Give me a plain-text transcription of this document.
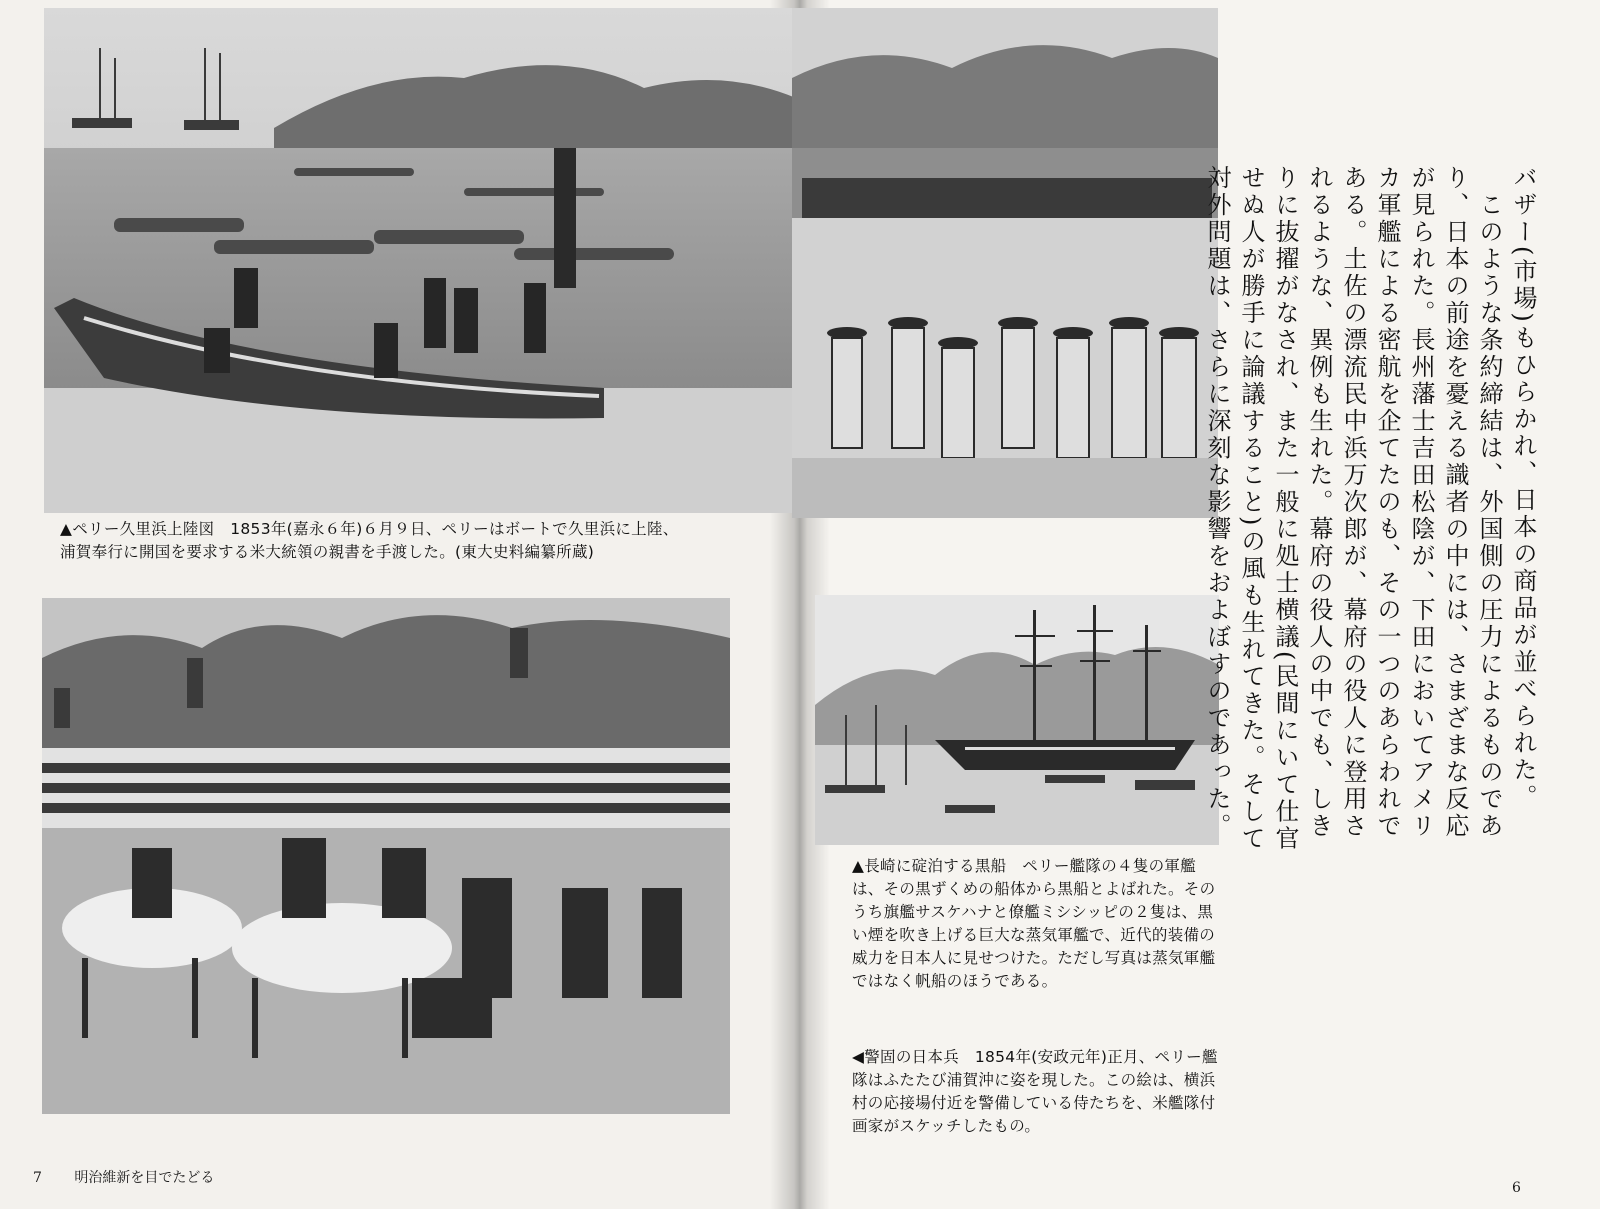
▲ペリー久里浜上陸図　1853年(嘉永６年)６月９日、ペリーはボートで久里浜に上陸、浦賀奉行に開国を要求する米大統領の親書を手渡した。(東大史料編纂所蔵)

▲長崎に碇泊する黒船　ペリー艦隊の４隻の軍艦は、その黒ずくめの船体から黒船とよばれた。そのうち旗艦サスケハナと僚艦ミシシッピの２隻は、黒い煙を吹き上げる巨大な蒸気軍艦で、近代的装備の威力を日本人に見せつけた。ただし写真は蒸気軍艦ではなく帆船のほうである。

◀警固の日本兵　1854年(安政元年)正月、ペリー艦隊はふたたび浦賀沖に姿を現した。この絵は、横浜村の応接場付近を警備している侍たちを、米艦隊付画家がスケッチしたもの。

バザー(市場)もひらかれ、日本の商品が並べられた。

　このような条約締結は、外国側の圧力によるものであり、日本の前途を憂える識者の中には、さまざまな反応が見られた。長州藩士吉田松陰が、下田においてアメリカ軍艦による密航を企てたのも、その一つのあらわれである。土佐の漂流民中浜万次郎が、幕府の役人に登用されるような、異例も生れた。幕府の役人の中でも、しきりに抜擢がなされ、また一般に処士横議(民間にいて仕官せぬ人が勝手に論議すること)の風も生れてきた。そして対外問題は、さらに深刻な影響をおよぼすのであった。

7 明治維新を目でたどる
6
